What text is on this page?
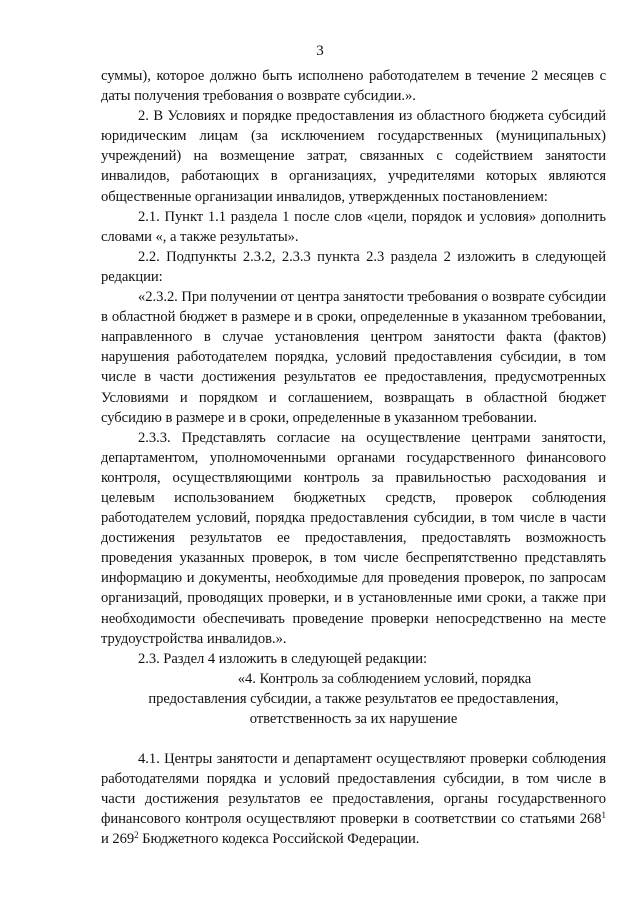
3

суммы), которое должно быть исполнено работодателем в течение 2 месяцев с даты получения требования о возврате субсидии.».

2. В Условиях и порядке предоставления из областного бюджета субсидий юридическим лицам (за исключением государственных (муниципальных) учреждений) на возмещение затрат, связанных с содействием занятости инвалидов, работающих в организациях, учредителями которых являются общественные организации инвалидов, утвержденных постановлением:

2.1. Пункт 1.1 раздела 1 после слов «цели, порядок и условия» дополнить словами «, а также результаты».

2.2. Подпункты 2.3.2, 2.3.3 пункта 2.3 раздела 2 изложить в следующей редакции:

«2.3.2. При получении от центра занятости требования о возврате субсидии в областной бюджет в размере и в сроки, определенные в указанном требовании, направленного в случае установления центром занятости факта (фактов) нарушения работодателем порядка, условий предоставления субсидии, в том числе в части достижения результатов ее предоставления, предусмотренных Условиями и порядком и соглашением, возвращать в областной бюджет субсидию в размере и в сроки, определенные в указанном требовании.

2.3.3. Представлять согласие на осуществление центрами занятости, департаментом, уполномоченными органами государственного финансового контроля, осуществляющими контроль за правильностью расходования и целевым использованием бюджетных средств, проверок соблюдения работодателем условий, порядка предоставления субсидии, в том числе в части достижения результатов ее предоставления, предоставлять возможность проведения указанных проверок, в том числе беспрепятственно представлять информацию и документы, необходимые для проведения проверок, по запросам организаций, проводящих проверки, и в установленные ими сроки, а также при необходимости обеспечивать проведение проверки непосредственно на месте трудоустройства инвалидов.».

2.3. Раздел 4 изложить в следующей редакции:

«4. Контроль за соблюдением условий, порядка
предоставления субсидии, а также результатов ее предоставления,
ответственность за их нарушение

4.1. Центры занятости и департамент осуществляют проверки соблюдения работодателями порядка и условий предоставления субсидии, в том числе в части достижения результатов ее предоставления, органы государственного финансового контроля осуществляют проверки в соответствии со статьями $268^1$ и $269^2$ Бюджетного кодекса Российской Федерации.
